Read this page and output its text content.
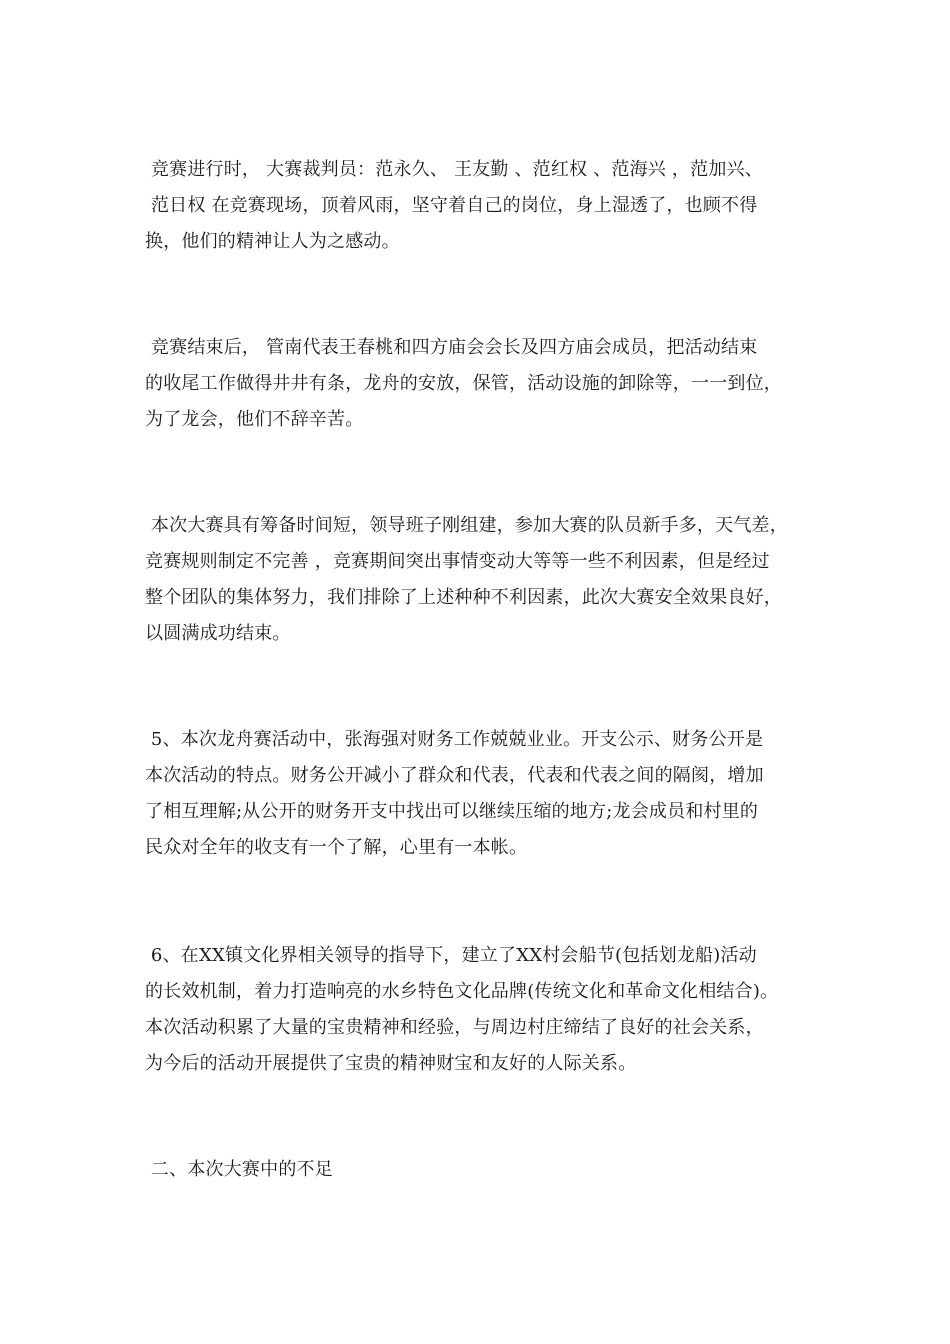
竞赛进行时， 大赛裁判员：范永久、 王友勤 、范红权 、范海兴 ，范加兴、
范日权 在竞赛现场，顶着风雨，坚守着自己的岗位，身上湿透了，也顾不得
换，他们的精神让人为之感动。
竞赛结束后， 管南代表王春桃和四方庙会会长及四方庙会成员，把活动结束
的收尾工作做得井井有条，龙舟的安放，保管，活动设施的卸除等，一一到位，
为了龙会，他们不辞辛苦。
本次大赛具有筹备时间短，领导班子刚组建，参加大赛的队员新手多，天气差，
竞赛规则制定不完善 ，竞赛期间突出事情变动大等等一些不利因素，但是经过
整个团队的集体努力，我们排除了上述种种不利因素，此次大赛安全效果良好，
以圆满成功结束。
5、本次龙舟赛活动中，张海强对财务工作兢兢业业。开支公示、财务公开是
本次活动的特点。财务公开减小了群众和代表，代表和代表之间的隔阂，增加
了相互理解;从公开的财务开支中找出可以继续压缩的地方;龙会成员和村里的
民众对全年的收支有一个了解，心里有一本帐。
6、在XX镇文化界相关领导的指导下，建立了XX村会船节(包括划龙船)活动
的长效机制，着力打造响亮的水乡特色文化品牌(传统文化和革命文化相结合)。
本次活动积累了大量的宝贵精神和经验，与周边村庄缔结了良好的社会关系，
为今后的活动开展提供了宝贵的精神财宝和友好的人际关系。
二、本次大赛中的不足
